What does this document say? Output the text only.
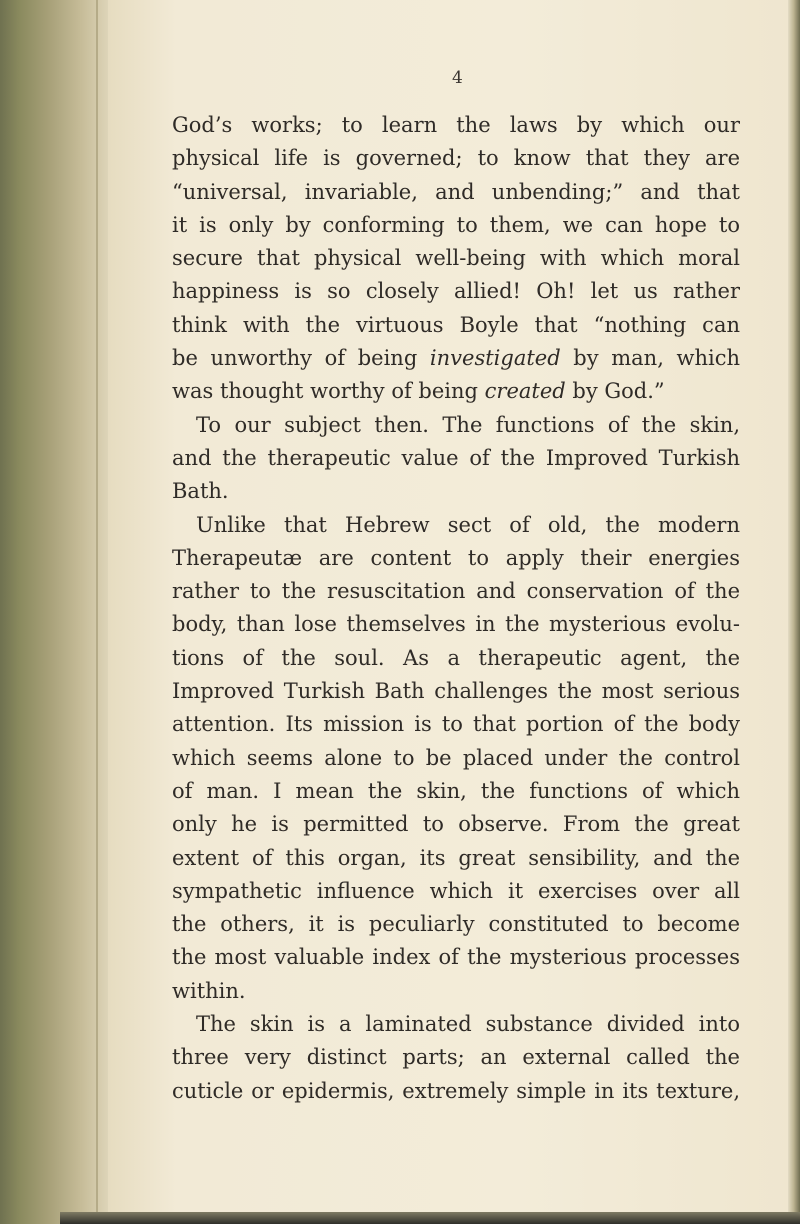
4
God’s works; to learn the laws by which our
physical life is governed; to know that they are
“universal, invariable, and unbending;” and that
it is only by conforming to them, we can hope to
secure that physical well-being with which moral
happiness is so closely allied! Oh! let us rather
think with the virtuous Boyle that “nothing can
be unworthy of being investigated by man, which
was thought worthy of being created by God.”
To our subject then. The functions of the skin,
and the therapeutic value of the Improved Turkish
Bath.
Unlike that Hebrew sect of old, the modern
Therapeutæ are content to apply their energies
rather to the resuscitation and conservation of the
body, than lose themselves in the mysterious evolu-
tions of the soul. As a therapeutic agent, the
Improved Turkish Bath challenges the most serious
attention. Its mission is to that portion of the body
which seems alone to be placed under the control
of man. I mean the skin, the functions of which
only he is permitted to observe. From the great
extent of this organ, its great sensibility, and the
sympathetic influence which it exercises over all
the others, it is peculiarly constituted to become
the most valuable index of the mysterious processes
within.
The skin is a laminated substance divided into
three very distinct parts; an external called the
cuticle or epidermis, extremely simple in its texture,
